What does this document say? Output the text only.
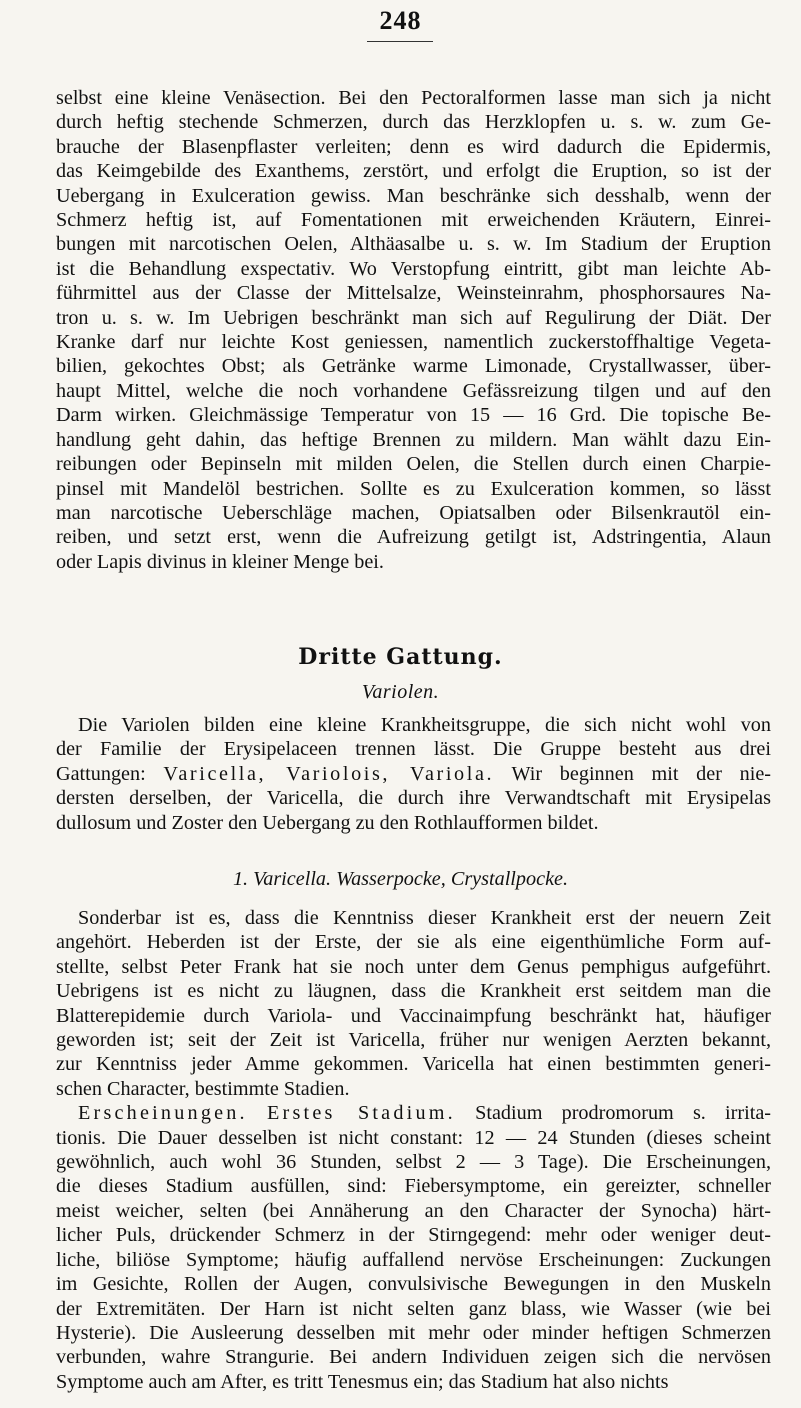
248

selbst eine kleine Venäsection. Bei den Pectoralformen lasse man sich ja nicht

durch heftig stechende Schmerzen, durch das Herzklopfen u. s. w. zum Ge-

brauche der Blasenpflaster verleiten; denn es wird dadurch die Epidermis,

das Keimgebilde des Exanthems, zerstört, und erfolgt die Eruption, so ist der

Uebergang in Exulceration gewiss. Man beschränke sich desshalb, wenn der

Schmerz heftig ist, auf Fomentationen mit erweichenden Kräutern, Einrei-

bungen mit narcotischen Oelen, Althäasalbe u. s. w. Im Stadium der Eruption

ist die Behandlung exspectativ. Wo Verstopfung eintritt, gibt man leichte Ab-

führmittel aus der Classe der Mittelsalze, Weinsteinrahm, phosphorsaures Na-

tron u. s. w. Im Uebrigen beschränkt man sich auf Regulirung der Diät. Der

Kranke darf nur leichte Kost geniessen, namentlich zuckerstoffhaltige Vegeta-

bilien, gekochtes Obst; als Getränke warme Limonade, Crystallwasser, über-

haupt Mittel, welche die noch vorhandene Gefässreizung tilgen und auf den

Darm wirken. Gleichmässige Temperatur von 15 — 16 Grd. Die topische Be-

handlung geht dahin, das heftige Brennen zu mildern. Man wählt dazu Ein-

reibungen oder Bepinseln mit milden Oelen, die Stellen durch einen Charpie-

pinsel mit Mandelöl bestrichen. Sollte es zu Exulceration kommen, so lässt

man narcotische Ueberschläge machen, Opiatsalben oder Bilsenkrautöl ein-

reiben, und setzt erst, wenn die Aufreizung getilgt ist, Adstringentia, Alaun

oder Lapis divinus in kleiner Menge bei.

Dritte Gattung.
Variolen.

Die Variolen bilden eine kleine Krankheitsgruppe, die sich nicht wohl von

der Familie der Erysipelaceen trennen lässt. Die Gruppe besteht aus drei

Gattungen: Varicella, Variolois, Variola. Wir beginnen mit der nie-

dersten derselben, der Varicella, die durch ihre Verwandtschaft mit Erysipelas

dullosum und Zoster den Uebergang zu den Rothlaufformen bildet.

1. Varicella. Wasserpocke, Crystallpocke.

Sonderbar ist es, dass die Kenntniss dieser Krankheit erst der neuern Zeit

angehört. Heberden ist der Erste, der sie als eine eigenthümliche Form auf-

stellte, selbst Peter Frank hat sie noch unter dem Genus pemphigus aufgeführt.

Uebrigens ist es nicht zu läugnen, dass die Krankheit erst seitdem man die

Blatterepidemie durch Variola- und Vaccinaimpfung beschränkt hat, häufiger

geworden ist; seit der Zeit ist Varicella, früher nur wenigen Aerzten bekannt,

zur Kenntniss jeder Amme gekommen. Varicella hat einen bestimmten generi-

schen Character, bestimmte Stadien.

Erscheinungen. Erstes Stadium. Stadium prodromorum s. irrita-

tionis. Die Dauer desselben ist nicht constant: 12 — 24 Stunden (dieses scheint

gewöhnlich, auch wohl 36 Stunden, selbst 2 — 3 Tage). Die Erscheinungen,

die dieses Stadium ausfüllen, sind: Fiebersymptome, ein gereizter, schneller

meist weicher, selten (bei Annäherung an den Character der Synocha) härt-

licher Puls, drückender Schmerz in der Stirngegend: mehr oder weniger deut-

liche, biliöse Symptome; häufig auffallend nervöse Erscheinungen: Zuckungen

im Gesichte, Rollen der Augen, convulsivische Bewegungen in den Muskeln

der Extremitäten. Der Harn ist nicht selten ganz blass, wie Wasser (wie bei

Hysterie). Die Ausleerung desselben mit mehr oder minder heftigen Schmerzen

verbunden, wahre Strangurie. Bei andern Individuen zeigen sich die nervösen

Symptome auch am After, es tritt Tenesmus ein; das Stadium hat also nichts
